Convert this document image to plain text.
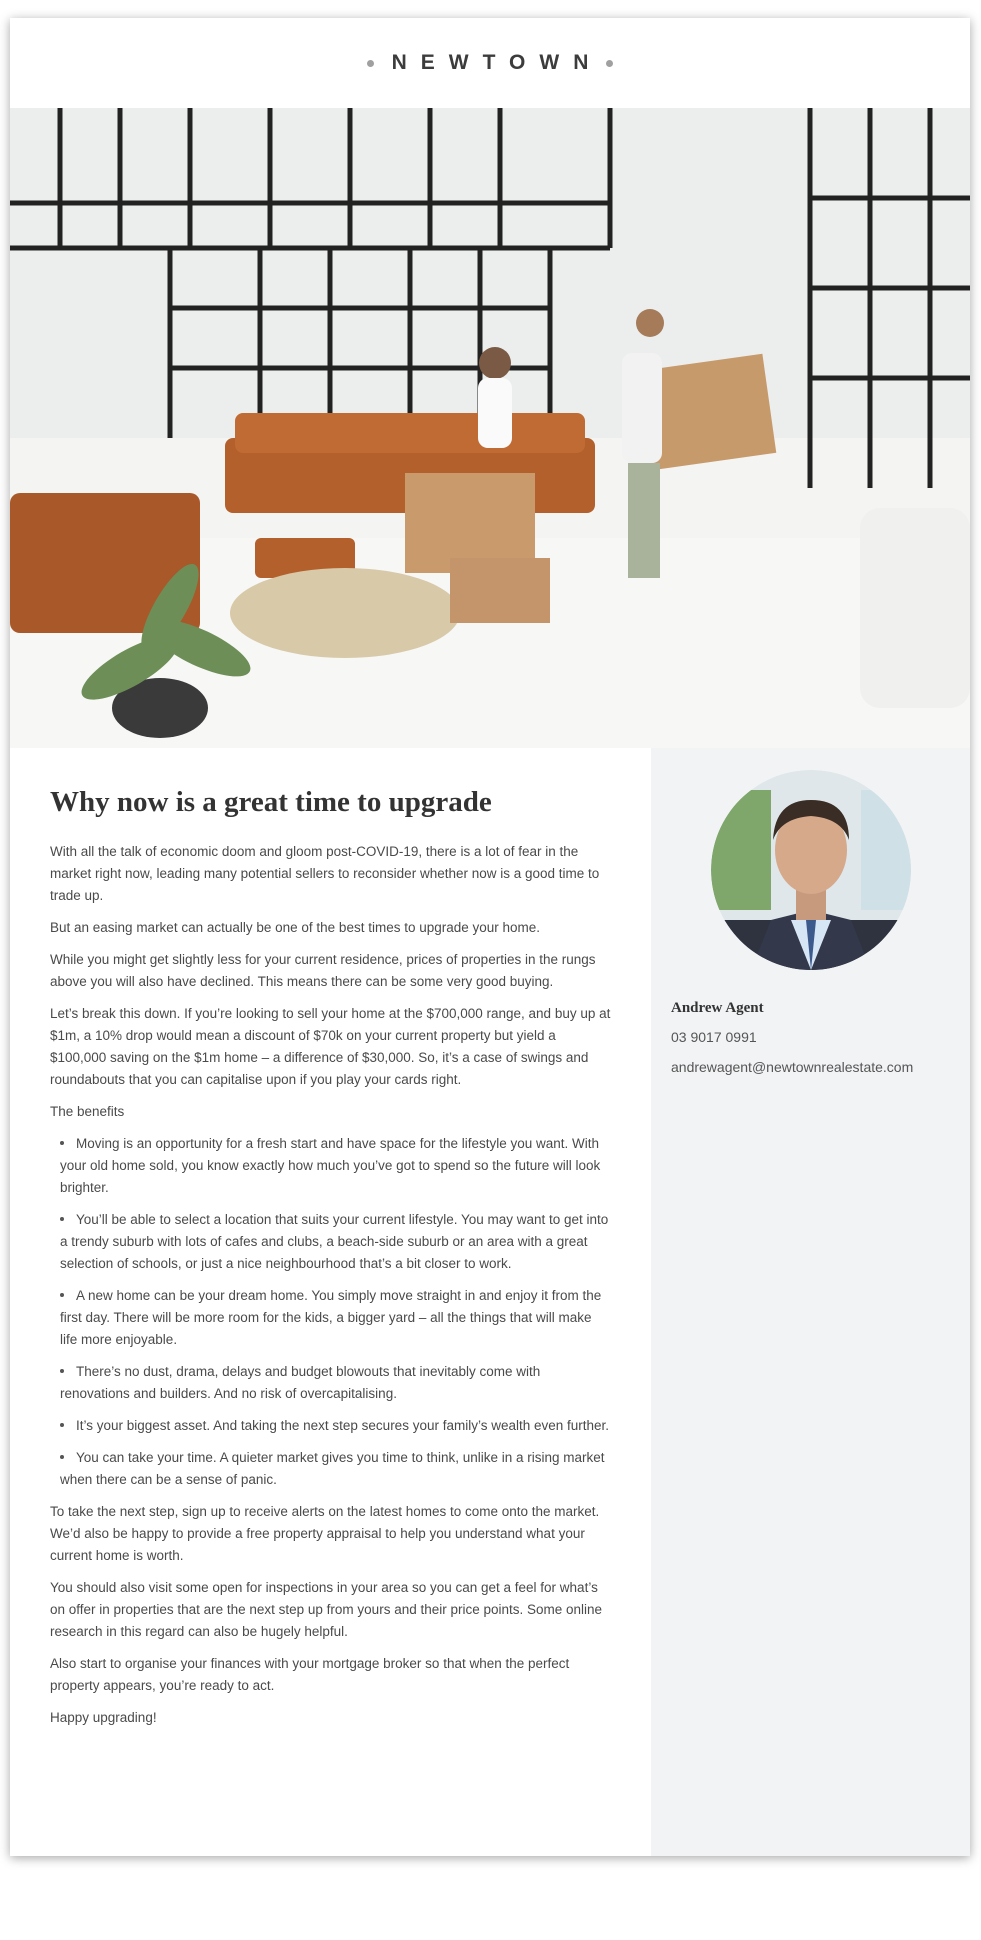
NEWTOWN
Why now is a great time to upgrade

With all the talk of economic doom and gloom post-COVID-19, there is a lot of fear in the market right now, leading many potential sellers to reconsider whether now is a good time to trade up.

But an easing market can actually be one of the best times to upgrade your home.

While you might get slightly less for your current residence, prices of properties in the rungs above you will also have declined. This means there can be some very good buying.

Let’s break this down. If you’re looking to sell your home at the $700,000 range, and buy up at $1m, a 10% drop would mean a discount of $70k on your current property but yield a $100,000 saving on the $1m home – a difference of $30,000. So, it’s a case of swings and roundabouts that you can capitalise upon if you play your cards right.

The benefits

Moving is an opportunity for a fresh start and have space for the lifestyle you want. With your old home sold, you know exactly how much you’ve got to spend so the future will look brighter.
You’ll be able to select a location that suits your current lifestyle. You may want to get into a trendy suburb with lots of cafes and clubs, a beach-side suburb or an area with a great selection of schools, or just a nice neighbourhood that’s a bit closer to work.
A new home can be your dream home. You simply move straight in and enjoy it from the first day. There will be more room for the kids, a bigger yard – all the things that will make life more enjoyable.
There’s no dust, drama, delays and budget blowouts that inevitably come with renovations and builders. And no risk of overcapitalising.
It’s your biggest asset. And taking the next step secures your family’s wealth even further.
You can take your time. A quieter market gives you time to think, unlike in a rising market when there can be a sense of panic.

To take the next step, sign up to receive alerts on the latest homes to come onto the market. We’d also be happy to provide a free property appraisal to help you understand what your current home is worth.

You should also visit some open for inspections in your area so you can get a feel for what’s on offer in properties that are the next step up from yours and their price points. Some online research in this regard can also be hugely helpful.

Also start to organise your finances with your mortgage broker so that when the perfect property appears, you’re ready to act.

Happy upgrading!

Andrew Agent
03 9017 0991
andrewagent@newtownrealestate.com
